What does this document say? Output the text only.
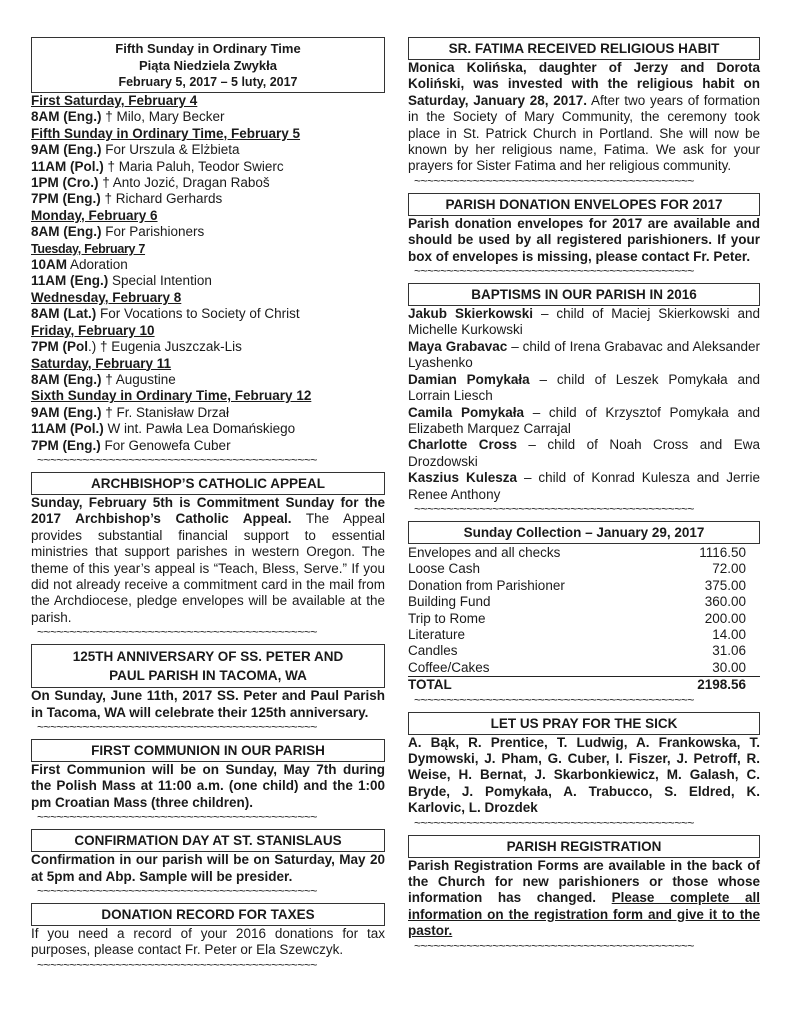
Fifth Sunday in Ordinary Time
Piąta Niedziela Zwykła
February 5, 2017 – 5 luty, 2017
First Saturday, February 4
8AM (Eng.) † Milo, Mary Becker
Fifth Sunday in Ordinary Time, February 5
9AM (Eng.) For Urszula & Elżbieta
11AM (Pol.) † Maria Paluh, Teodor Swierc
1PM (Cro.) † Anto Jozić, Dragan Raboš
7PM (Eng.) † Richard Gerhards
Monday, February 6
8AM (Eng.) For Parishioners
Tuesday, February 7
10AM Adoration
11AM (Eng.) Special Intention
Wednesday, February 8
8AM (Lat.) For Vocations to Society of Christ
Friday, February 10
7PM (Pol.) † Eugenia Juszczak-Lis
Saturday, February 11
8AM (Eng.) † Augustine
Sixth Sunday in Ordinary Time, February 12
9AM (Eng.) † Fr. Stanisław Drzał
11AM (Pol.) W int. Pawła Lea Domańskiego
7PM (Eng.) For Genowefa Cuber
~~~~~~~~~~~~~~~~~~~~~~~~~~~~~~~~~~~~~~~~~~~
ARCHBISHOP’S CATHOLIC APPEAL

Sunday, February 5th is Commitment Sunday for the 2017 Archbishop’s Catholic Appeal. The Appeal provides substantial financial support to essential ministries that support parishes in western Oregon. The theme of this year’s appeal is “Teach, Bless, Serve.” If you did not already receive a commitment card in the mail from the Archdiocese, pledge envelopes will be available at the parish.

~~~~~~~~~~~~~~~~~~~~~~~~~~~~~~~~~~~~~~~~~~~
125TH ANNIVERSARY OF SS. PETER AND
PAUL PARISH IN TACOMA, WA

On Sunday, June 11th, 2017 SS. Peter and Paul Parish in Tacoma, WA will celebrate their 125th anniversary.

~~~~~~~~~~~~~~~~~~~~~~~~~~~~~~~~~~~~~~~~~~~
FIRST COMMUNION IN OUR PARISH

First Communion will be on Sunday, May 7th during the Polish Mass at 11:00 a.m. (one child) and the 1:00 pm Croatian Mass (three children).

~~~~~~~~~~~~~~~~~~~~~~~~~~~~~~~~~~~~~~~~~~~
CONFIRMATION DAY AT ST. STANISLAUS

Confirmation in our parish will be on Saturday, May 20 at 5pm and Abp. Sample will be presider.

~~~~~~~~~~~~~~~~~~~~~~~~~~~~~~~~~~~~~~~~~~~
DONATION RECORD FOR TAXES

If you need a record of your 2016 donations for tax purposes, please contact Fr. Peter or Ela Szewczyk.

~~~~~~~~~~~~~~~~~~~~~~~~~~~~~~~~~~~~~~~~~~~
SR. FATIMA RECEIVED RELIGIOUS HABIT

Monica Kolińska, daughter of Jerzy and Dorota Koliński, was invested with the religious habit on Saturday, January 28, 2017. After two years of formation in the Society of Mary Community, the ceremony took place in St. Patrick Church in Portland. She will now be known by her religious name, Fatima. We ask for your prayers for Sister Fatima and her religious community.

~~~~~~~~~~~~~~~~~~~~~~~~~~~~~~~~~~~~~~~~~~~
PARISH DONATION ENVELOPES FOR 2017

Parish donation envelopes for 2017 are available and should be used by all registered parishioners. If your box of envelopes is missing, please contact Fr. Peter.

~~~~~~~~~~~~~~~~~~~~~~~~~~~~~~~~~~~~~~~~~~~
BAPTISMS IN OUR PARISH IN 2016
Jakub Skierkowski – child of Maciej Skierkowski and Michelle Kurkowski
Maya Grabavac – child of Irena Grabavac and Aleksander Lyashenko
Damian Pomykała – child of Leszek Pomykała and Lorrain Liesch
Camila Pomykała – child of Krzysztof Pomykała and Elizabeth Marquez Carrajal
Charlotte Cross – child of Noah Cross and Ewa Drozdowski
Kaszius Kulesza – child of Konrad Kulesza and Jerrie Renee Anthony
~~~~~~~~~~~~~~~~~~~~~~~~~~~~~~~~~~~~~~~~~~~
Sunday Collection – January 29, 2017
Envelopes and all checks	1116.50
Loose Cash	72.00
Donation from Parishioner	375.00
Building Fund	360.00
Trip to Rome	200.00
Literature	14.00
Candles	31.06
Coffee/Cakes	30.00
TOTAL	2198.56
~~~~~~~~~~~~~~~~~~~~~~~~~~~~~~~~~~~~~~~~~~~
LET US PRAY FOR THE SICK

A. Bąk, R. Prentice, T. Ludwig, A. Frankowska, T. Dymowski, J. Pham, G. Cuber, I. Fiszer, J. Petroff, R. Weise, H. Bernat, J. Skarbonkiewicz, M. Galash, C. Bryde, J. Pomykała, A. Trabucco, S. Eldred, K. Karlovic, L. Drozdek

~~~~~~~~~~~~~~~~~~~~~~~~~~~~~~~~~~~~~~~~~~~
PARISH REGISTRATION

Parish Registration Forms are available in the back of the Church for new parishioners or those whose information has changed. Please complete all information on the registration form and give it to the pastor.

~~~~~~~~~~~~~~~~~~~~~~~~~~~~~~~~~~~~~~~~~~~
